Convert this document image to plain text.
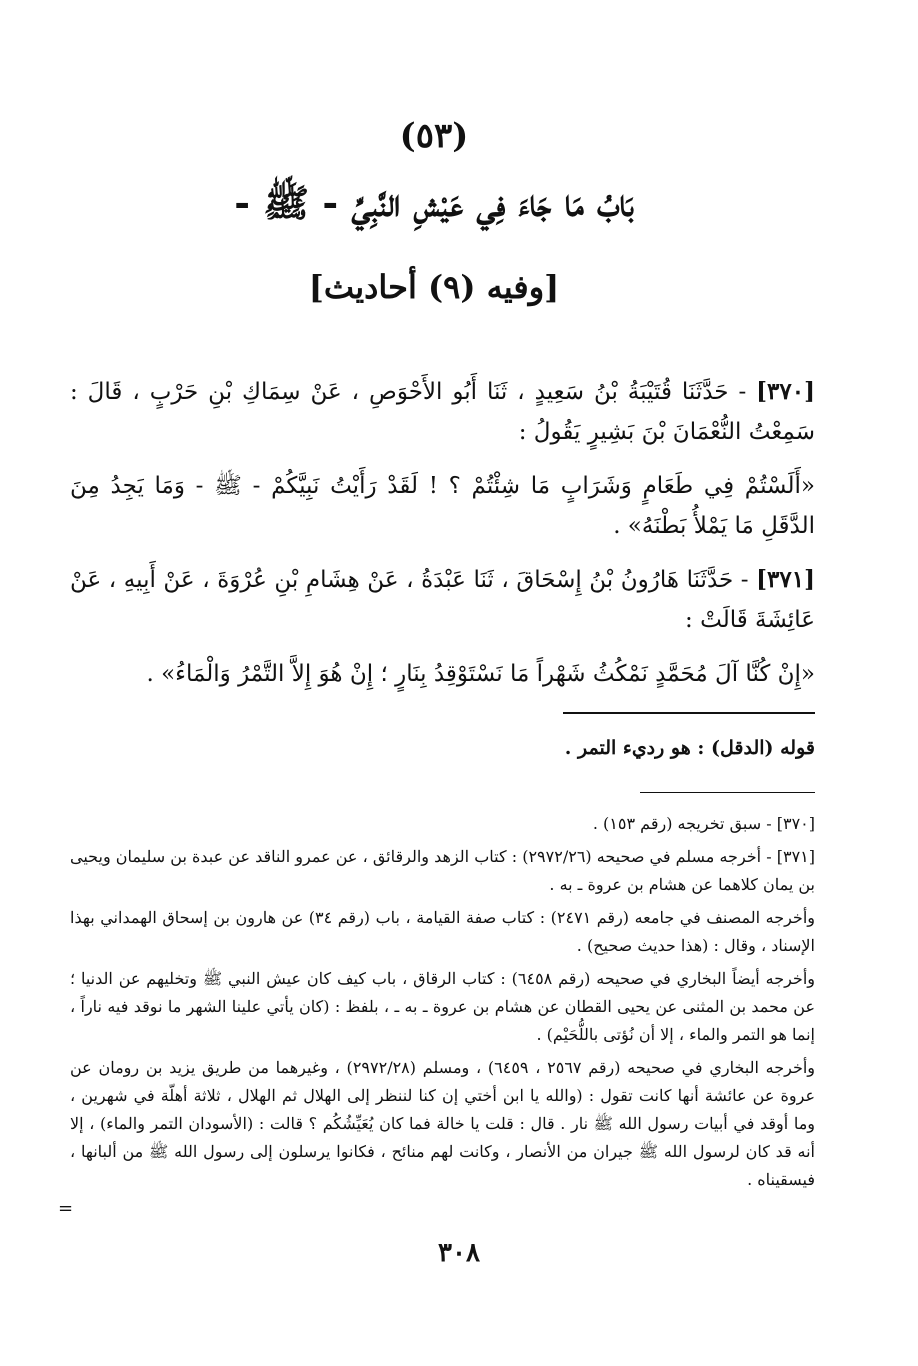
(٥٣)
بَابُ مَا جَاءَ فِي عَيْشِ النَّبِيِّ - ﷺ -
[وفيه (٩) أحاديث]

[٣٧٠] - حَدَّثَنَا قُتَيْبَةُ بْنُ سَعِيدٍ ، ثَنَا أَبُو الأَحْوَصِ ، عَنْ سِمَاكِ بْنِ حَرْبٍ ، قَالَ : سَمِعْتُ النُّعْمَانَ بْنَ بَشِيرٍ يَقُولُ :

«أَلَسْتُمْ فِي طَعَامٍ وَشَرَابٍ مَا شِئْتُمْ ؟ ! لَقَدْ رَأَيْتُ نَبِيَّكُمْ - ﷺ - وَمَا يَجِدُ مِنَ الدَّقَلِ مَا يَمْلأُ بَطْنَهُ» .

[٣٧١] - حَدَّثَنَا هَارُونُ بْنُ إِسْحَاقَ ، ثَنَا عَبْدَةُ ، عَنْ هِشَامِ بْنِ عُرْوَةَ ، عَنْ أَبِيهِ ، عَنْ عَائِشَةَ قَالَتْ :

«إِنْ كُنَّا آلَ مُحَمَّدٍ نَمْكُثُ شَهْراً مَا نَسْتَوْقِدُ بِنَارٍ ؛ إِنْ هُوَ إِلاَّ التَّمْرُ وَالْمَاءُ» .

قوله (الدقل) : هو رديء التمر .

[٣٧٠] - سبق تخريجه (رقم ١٥٣) .

[٣٧١] - أخرجه مسلم في صحيحه (٢٩٧٢/٢٦) : كتاب الزهد والرقائق ، عن عمرو الناقد عن عبدة بن سليمان ويحيى بن يمان كلاهما عن هشام بن عروة ـ به .

وأخرجه المصنف في جامعه (رقم ٢٤٧١) : كتاب صفة القيامة ، باب (رقم ٣٤) عن هارون بن إسحاق الهمداني بهذا الإسناد ، وقال : (هذا حديث صحيح) .

وأخرجه أيضاً البخاري في صحيحه (رقم ٦٤٥٨) : كتاب الرقاق ، باب كيف كان عيش النبي ﷺ وتخليهم عن الدنيا ؛ عن محمد بن المثنى عن يحيى القطان عن هشام بن عروة ـ به ـ ، بلفظ : (كان يأتي علينا الشهر ما نوقد فيه ناراً ، إنما هو التمر والماء ، إلا أن نُؤتى باللُّحَيْم) .

وأخرجه البخاري في صحيحه (رقم ٢٥٦٧ ، ٦٤٥٩) ، ومسلم (٢٩٧٢/٢٨) ، وغيرهما من طريق يزيد بن رومان عن عروة عن عائشة أنها كانت تقول : (والله يا ابن أختي إن كنا لننظر إلى الهلال ثم الهلال ، ثلاثة أهلّة في شهرين ، وما أوقد في أبيات رسول الله ﷺ نار . قال : قلت يا خالة فما كان يُعَيِّشُكُم ؟ قالت : (الأسودان التمر والماء) ، إلا أنه قد كان لرسول الله ﷺ جيران من الأنصار ، وكانت لهم منائح ، فكانوا يرسلون إلى رسول الله ﷺ من ألبانها ، فيسقيناه .

=
٣٠٨
